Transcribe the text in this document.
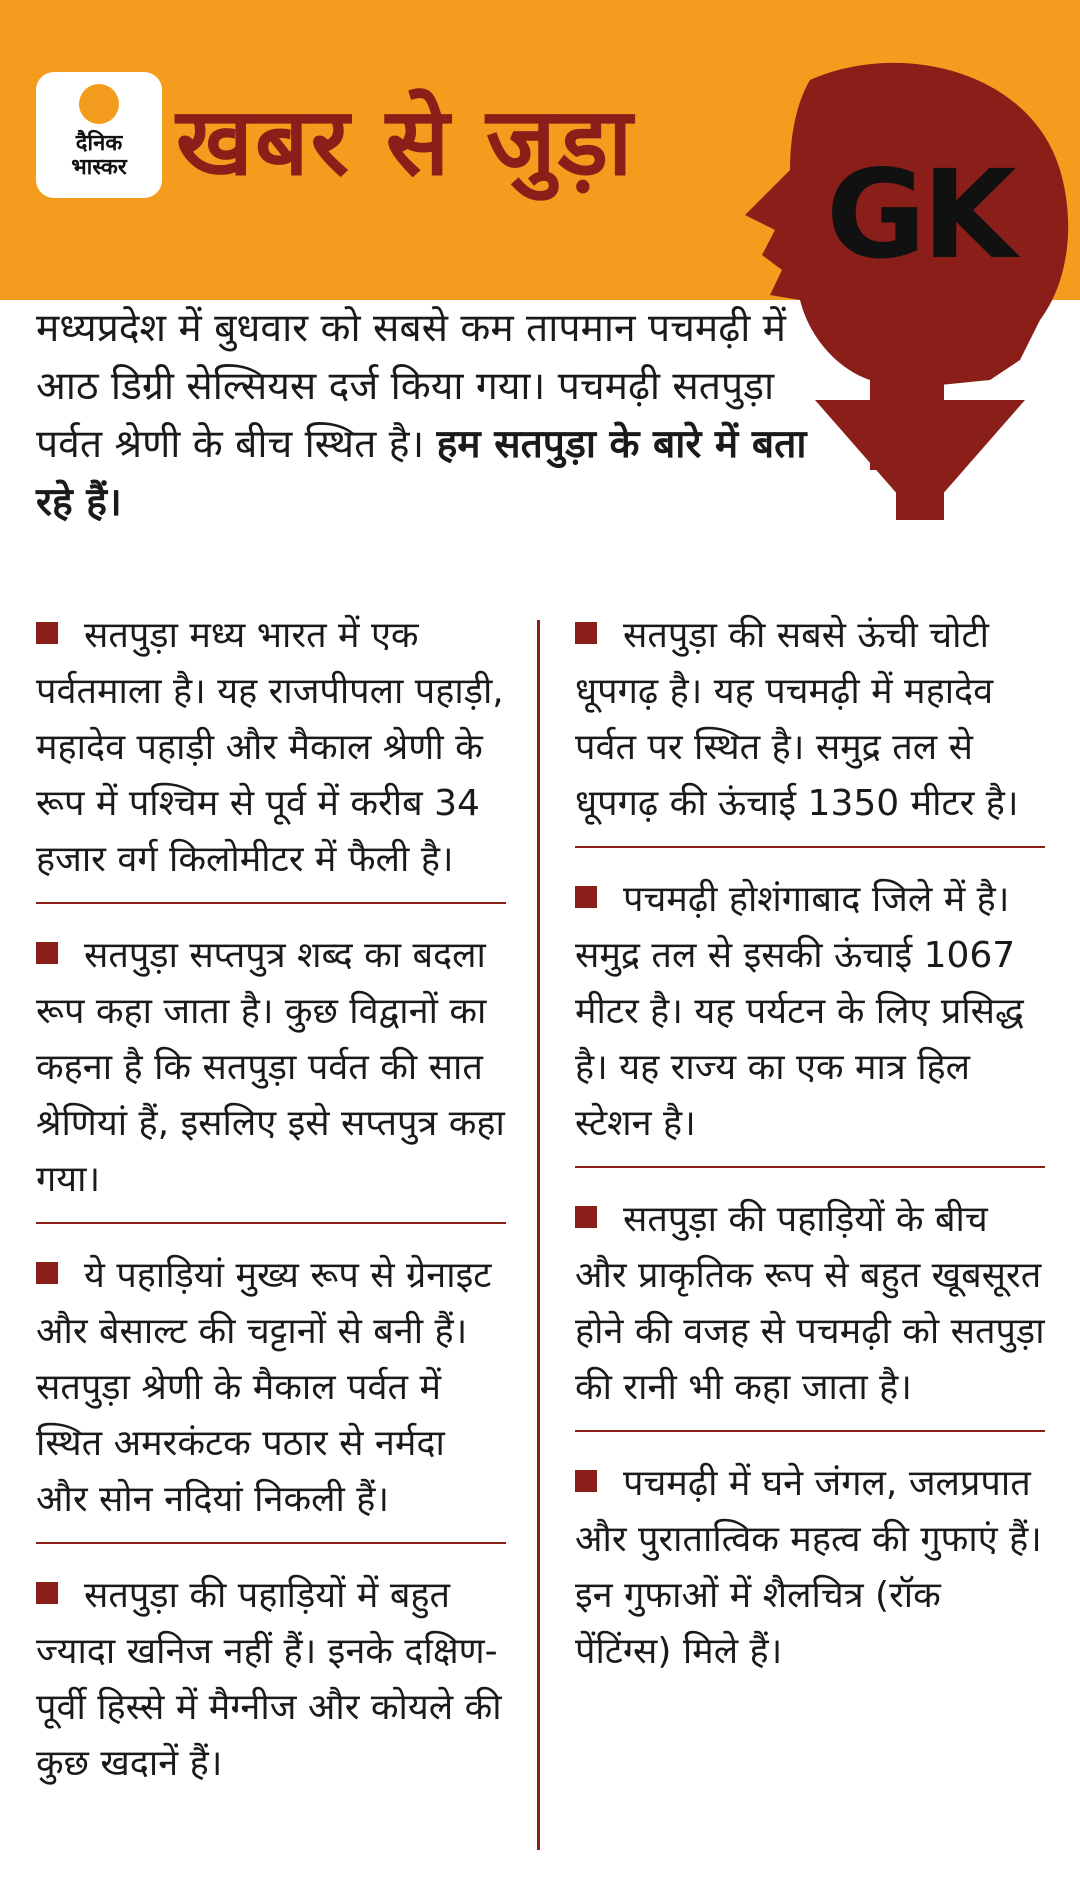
दैनिक
भास्कर खबर से जुड़ा
GK
मध्यप्रदेश में बुधवार को सबसे कम तापमान पचमढ़ी में आठ डिग्री सेल्सियस दर्ज किया गया। पचमढ़ी सतपुड़ा पर्वत श्रेणी के बीच स्थित है। हम सतपुड़ा के बारे में बता रहे हैं।
सतपुड़ा मध्य भारत में एक पर्वतमाला है। यह राजपीपला पहाड़ी, महादेव पहाड़ी और मैकाल श्रेणी के रूप में पश्चिम से पूर्व में करीब 34 हजार वर्ग किलोमीटर में फैली है।
सतपुड़ा सप्तपुत्र शब्द का बदला रूप कहा जाता है। कुछ विद्वानों का कहना है कि सतपुड़ा पर्वत की सात श्रेणियां हैं, इसलिए इसे सप्तपुत्र कहा गया।
ये पहाड़ियां मुख्य रूप से ग्रेनाइट और बेसाल्ट की चट्टानों से बनी हैं। सतपुड़ा श्रेणी के मैकाल पर्वत में स्थित अमरकंटक पठार से नर्मदा और सोन नदियां निकली हैं।
सतपुड़ा की पहाड़ियों में बहुत ज्यादा खनिज नहीं हैं। इनके दक्षिण-पूर्वी हिस्से में मैग्नीज और कोयले की कुछ खदानें हैं।
सतपुड़ा की सबसे ऊंची चोटी धूपगढ़ है। यह पचमढ़ी में महादेव पर्वत पर स्थित है। समुद्र तल से धूपगढ़ की ऊंचाई 1350 मीटर है।
पचमढ़ी होशंगाबाद जिले में है। समुद्र तल से इसकी ऊंचाई 1067 मीटर है। यह पर्यटन के लिए प्रसिद्ध है। यह राज्य का एक मात्र हिल स्टेशन है।
सतपुड़ा की पहाड़ियों के बीच और प्राकृतिक रूप से बहुत खूबसूरत होने की वजह से पचमढ़ी को सतपुड़ा की रानी भी कहा जाता है।
पचमढ़ी में घने जंगल, जलप्रपात और पुरातात्विक महत्व की गुफाएं हैं। इन गुफाओं में शैलचित्र (रॉक पेंटिंग्स) मिले हैं।
